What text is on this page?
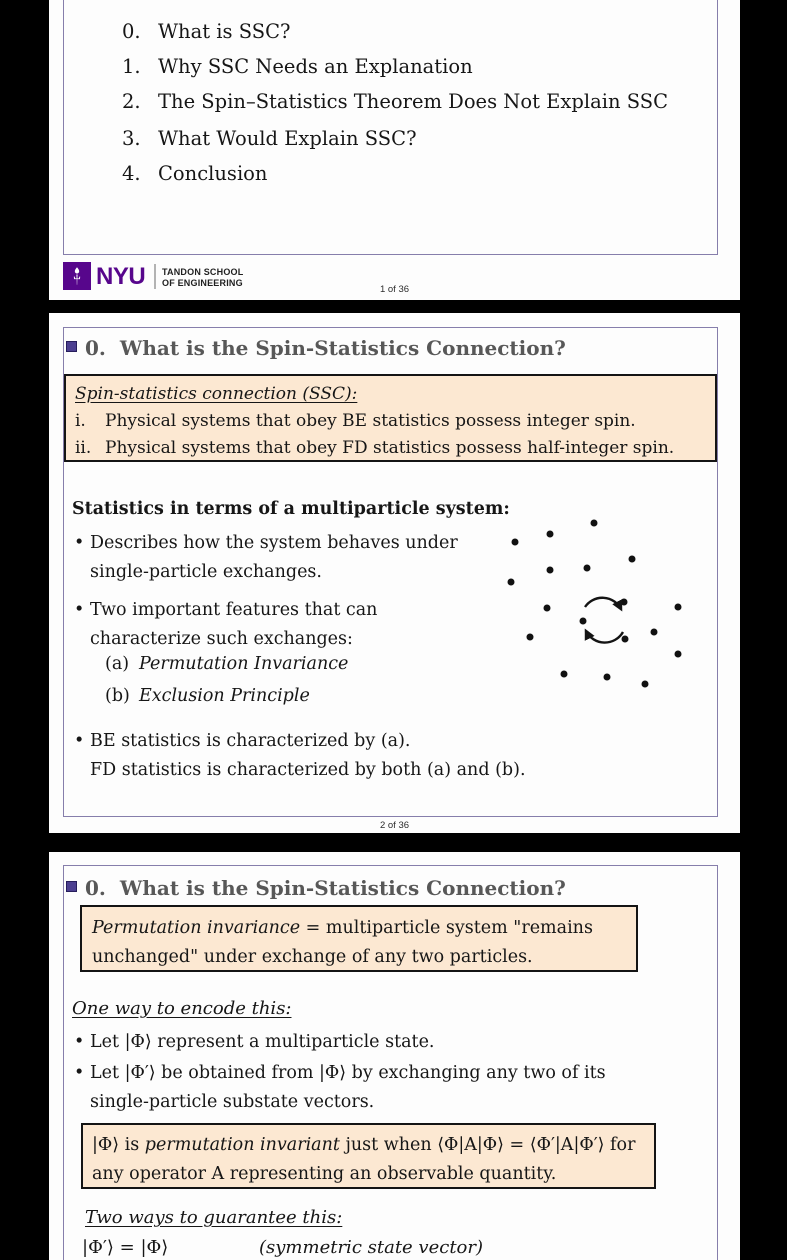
0. What is SSC?
1. Why SSC Needs an Explanation
2. The Spin–Statistics Theorem Does Not Explain SSC
3. What Would Explain SSC?
4. Conclusion
NYU TANDON SCHOOL
OF ENGINEERING
1 of 36
0. What is the Spin-Statistics Connection?
Spin-statistics connection (SSC):
i. Physical systems that obey BE statistics possess integer spin.
ii. Physical systems that obey FD statistics possess half-integer spin.
Statistics in terms of a multiparticle system:
• Describes how the system behaves under single-particle exchanges.
• Two important features that can characterize such exchanges:
(a) Permutation Invariance
(b) Exclusion Principle
• BE statistics is characterized by (a).
FD statistics is characterized by both (a) and (b).
2 of 36
0. What is the Spin-Statistics Connection?
Permutation invariance = multiparticle system "remains unchanged" under exchange of any two particles.
One way to encode this:
• Let |Φ⟩ represent a multiparticle state.
• Let |Φ′⟩ be obtained from |Φ⟩ by exchanging any two of its single-particle substate vectors.
|Φ⟩ is permutation invariant just when ⟨Φ|A|Φ⟩ = ⟨Φ′|A|Φ′⟩ for any operator A representing an observable quantity.
Two ways to guarantee this:
|Φ′⟩ = |Φ⟩	(symmetric state vector)
